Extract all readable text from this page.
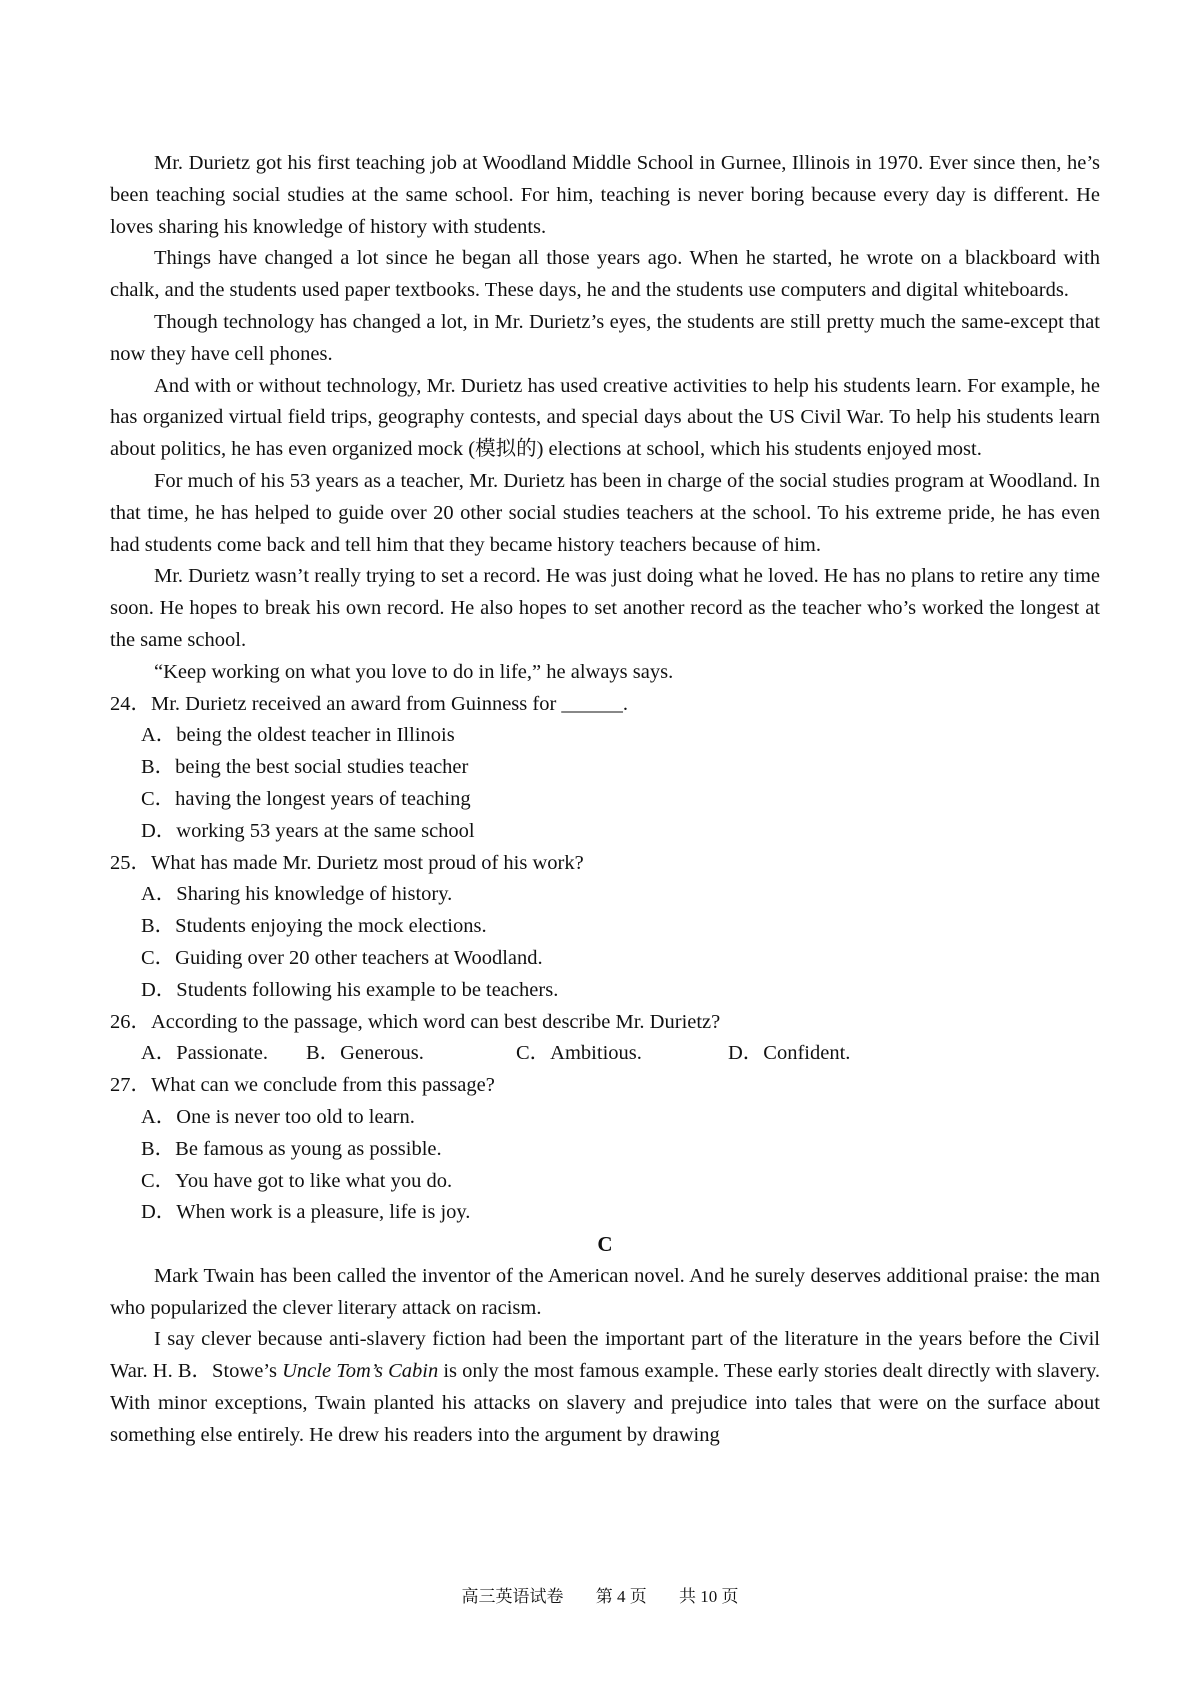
Mr. Durietz got his first teaching job at Woodland Middle School in Gurnee, Illinois in 1970. Ever since then, he’s been teaching social studies at the same school. For him, teaching is never boring because every day is different. He loves sharing his knowledge of history with students.

Things have changed a lot since he began all those years ago. When he started, he wrote on a blackboard with chalk, and the students used paper textbooks. These days, he and the students use computers and digital whiteboards.

Though technology has changed a lot, in Mr. Durietz’s eyes, the students are still pretty much the same-except that now they have cell phones.

And with or without technology, Mr. Durietz has used creative activities to help his students learn. For example, he has organized virtual field trips, geography contests, and special days about the US Civil War. To help his students learn about politics, he has even organized mock (模拟的) elections at school, which his students enjoyed most.

For much of his 53 years as a teacher, Mr. Durietz has been in charge of the social studies program at Woodland. In that time, he has helped to guide over 20 other social studies teachers at the school. To his extreme pride, he has even had students come back and tell him that they became history teachers because of him.

Mr. Durietz wasn’t really trying to set a record. He was just doing what he loved. He has no plans to retire any time soon. He hopes to break his own record. He also hopes to set another record as the teacher who’s worked the longest at the same school.

“Keep working on what you love to do in life,” he always says.

24．Mr. Durietz received an award from Guinness for ______.

A．being the oldest teacher in Illinois

B．being the best social studies teacher

C．having the longest years of teaching

D．working 53 years at the same school

25．What has made Mr. Durietz most proud of his work?

A．Sharing his knowledge of history.

B．Students enjoying the mock elections.

C．Guiding over 20 other teachers at Woodland.

D．Students following his example to be teachers.

26．According to the passage, which word can best describe Mr. Durietz?

A．Passionate.	B．Generous.	C．Ambitious.	D．Confident.

27．What can we conclude from this passage?

A．One is never too old to learn.

B．Be famous as young as possible.

C．You have got to like what you do.

D．When work is a pleasure, life is joy.

C

Mark Twain has been called the inventor of the American novel. And he surely deserves additional praise: the man who popularized the clever literary attack on racism.

I say clever because anti-slavery fiction had been the important part of the literature in the years before the Civil War. H. B．Stowe’s Uncle Tom’s Cabin is only the most famous example. These early stories dealt directly with slavery. With minor exceptions, Twain planted his attacks on slavery and prejudice into tales that were on the surface about something else entirely. He drew his readers into the argument by drawing

高三英语试卷 第 4 页 共 10 页
